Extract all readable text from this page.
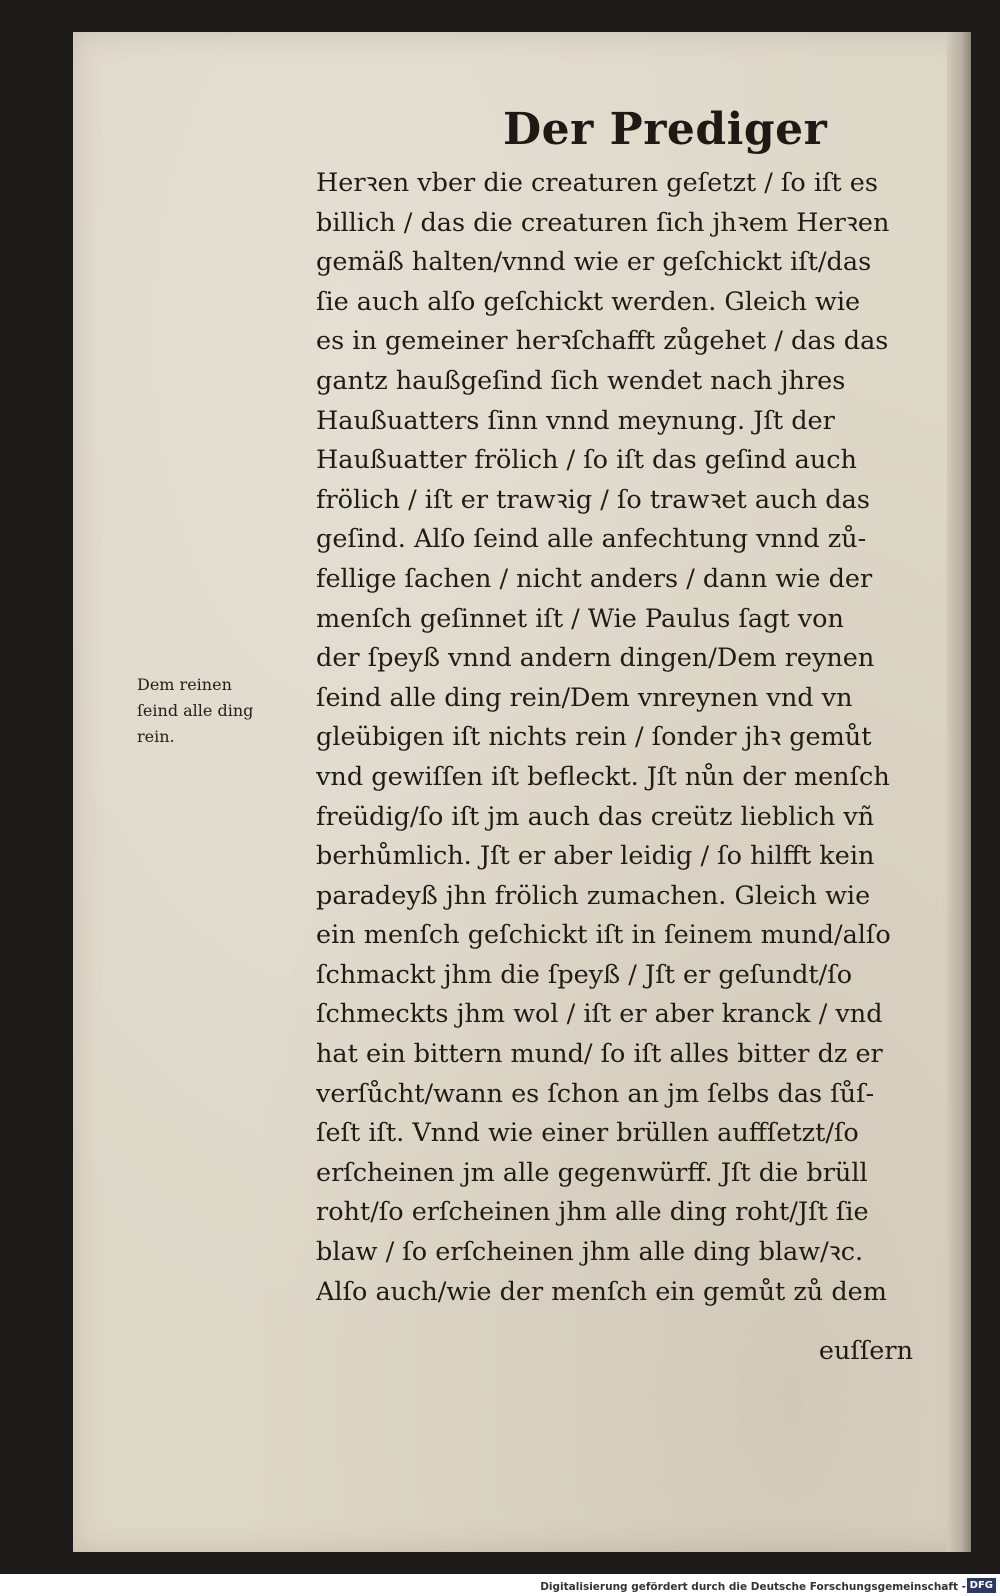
Der Prediger
Dem reinen
ſeind alle ding
rein.
Herꝛen vber die creaturen geſetzt / ſo iſt es
billich / das die creaturen ſich jhꝛem Herꝛen
gemäß halten/vnnd wie er geſchickt iſt/das
ſie auch alſo geſchickt werden. Gleich wie
es in gemeiner herꝛſchafft zůgehet / das das
gantz haußgeſind ſich wendet nach jhres
Haußuatters ſinn vnnd meynung. Jſt der
Haußuatter frölich / ſo iſt das geſind auch
frölich / iſt er trawꝛig / ſo trawꝛet auch das
geſind. Alſo ſeind alle anfechtung vnnd zů-
fellige ſachen / nicht anders / dann wie der
menſch geſinnet iſt / Wie Paulus ſagt von
der ſpeyß vnnd andern dingen/Dem reynen
ſeind alle ding rein/Dem vnreynen vnd vn
gleübigen iſt nichts rein / ſonder jhꝛ gemůt
vnd gewiſſen iſt befleckt. Jſt nůn der menſch
freüdig/ſo iſt jm auch das creütz lieblich vñ
berhůmlich. Jſt er aber leidig / ſo hilfft kein
paradeyß jhn frölich zumachen. Gleich wie
ein menſch geſchickt iſt in ſeinem mund/alſo
ſchmackt jhm die ſpeyß / Jſt er geſundt/ſo
ſchmeckts jhm wol / iſt er aber kranck / vnd
hat ein bittern mund/ ſo iſt alles bitter dz er
verſůcht/wann es ſchon an jm ſelbs das ſůſ-
ſeſt iſt. Vnnd wie einer brüllen auffſetzt/ſo
erſcheinen jm alle gegenwürff. Jſt die brüll
roht/ſo erſcheinen jhm alle ding roht/Jſt ſie
blaw / ſo erſcheinen jhm alle ding blaw/ꝛc.
Alſo auch/wie der menſch ein gemůt zů dem

euſſern

Digitalisierung gefördert durch die Deutsche Forschungsgemeinschaft - DFG
